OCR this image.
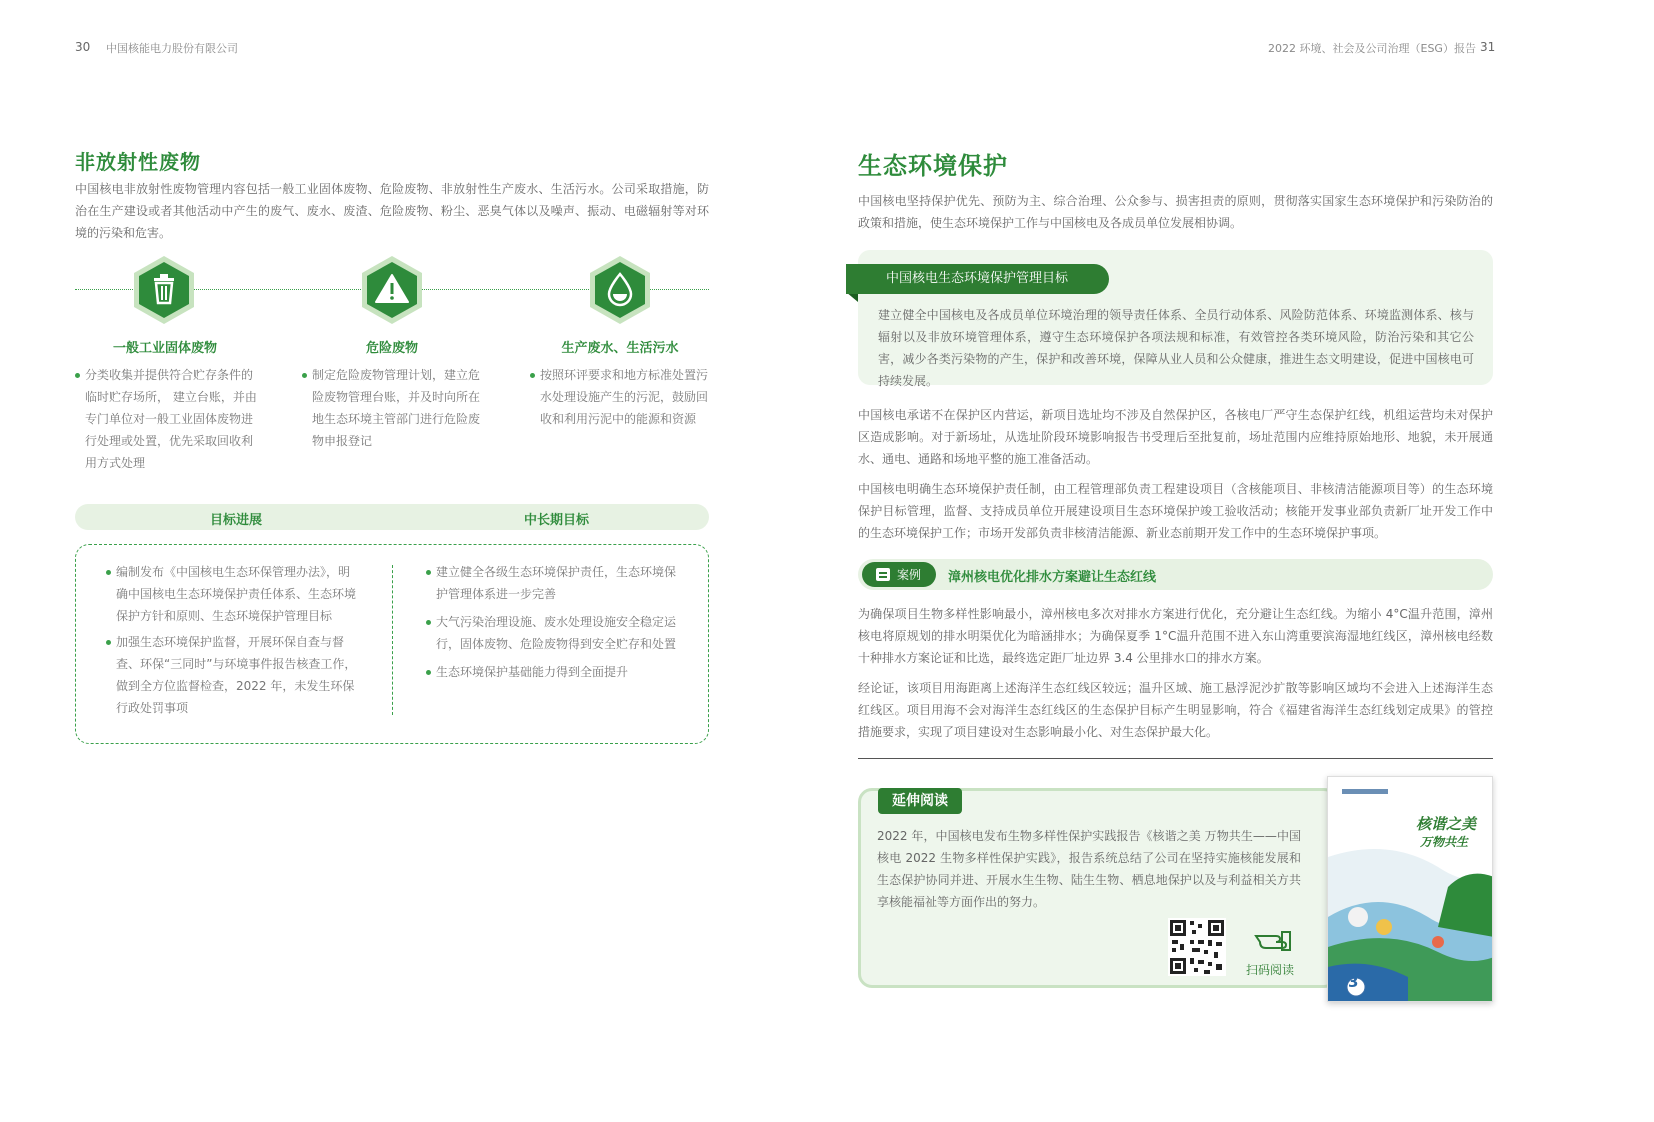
30 中国核能电力股份有限公司	2022 环境、社会及公司治理（ESG）报告 31
非放射性废物
中国核电非放射性废物管理内容包括一般工业固体废物、危险废物、非放射性生产废水、生活污水。公司采取措施，防治在生产建设或者其他活动中产生的废气、废水、废渣、危险废物、粉尘、恶臭气体以及噪声、振动、电磁辐射等对环境的污染和危害。
一般工业固体废物	危险废物	生产废水、生活污水
分类收集并提供符合贮存条件的临时贮存场所， 建立台账，并由专门单位对一般工业固体废物进行处理或处置，优先采取回收利用方式处理
制定危险废物管理计划，建立危险废物管理台账，并及时向所在地生态环境主管部门进行危险废物申报登记
按照环评要求和地方标准处置污水处理设施产生的污泥，鼓励回收和利用污泥中的能源和资源
目标进展	中长期目标
编制发布《中国核电生态环保管理办法》，明确中国核电生态环境保护责任体系、生态环境保护方针和原则、生态环境保护管理目标
加强生态环境保护监督，开展环保自查与督查、环保“三同时”与环境事件报告核查工作，做到全方位监督检查，2022 年，未发生环保行政处罚事项
建立健全各级生态环境保护责任，生态环境保护管理体系进一步完善
大气污染治理设施、废水处理设施安全稳定运行，固体废物、危险废物得到安全贮存和处置
生态环境保护基础能力得到全面提升
生态环境保护
中国核电坚持保护优先、预防为主、综合治理、公众参与、损害担责的原则，贯彻落实国家生态环境保护和污染防治的政策和措施，使生态环境保护工作与中国核电及各成员单位发展相协调。
中国核电生态环境保护管理目标
建立健全中国核电及各成员单位环境治理的领导责任体系、全员行动体系、风险防范体系、环境监测体系、核与辐射以及非放环境管理体系，遵守生态环境保护各项法规和标准，有效管控各类环境风险，防治污染和其它公害，减少各类污染物的产生，保护和改善环境，保障从业人员和公众健康，推进生态文明建设，促进中国核电可持续发展。
中国核电承诺不在保护区内营运，新项目选址均不涉及自然保护区，各核电厂严守生态保护红线，机组运营均未对保护区造成影响。对于新场址，从选址阶段环境影响报告书受理后至批复前，场址范围内应维持原始地形、地貌，未开展通水、通电、通路和场地平整的施工准备活动。
中国核电明确生态环境保护责任制，由工程管理部负责工程建设项目（含核能项目、非核清洁能源项目等）的生态环境保护目标管理，监督、支持成员单位开展建设项目生态环境保护竣工验收活动；核能开发事业部负责新厂址开发工作中的生态环境保护工作；市场开发部负责非核清洁能源、新业态前期开发工作中的生态环境保护事项。
案例 漳州核电优化排水方案避让生态红线
为确保项目生物多样性影响最小，漳州核电多次对排水方案进行优化，充分避让生态红线。为缩小 4°C温升范围，漳州核电将原规划的排水明渠优化为暗涵排水；为确保夏季 1°C温升范围不进入东山湾重要滨海湿地红线区，漳州核电经数十种排水方案论证和比选，最终选定距厂址边界 3.4 公里排水口的排水方案。
经论证，该项目用海距离上述海洋生态红线区较远；温升区域、施工悬浮泥沙扩散等影响区域均不会进入上述海洋生态红线区。项目用海不会对海洋生态红线区的生态保护目标产生明显影响，符合《福建省海洋生态红线划定成果》的管控措施要求，实现了项目建设对生态影响最小化、对生态保护最大化。
延伸阅读
2022 年，中国核电发布生物多样性保护实践报告《核谐之美 万物共生——中国核电 2022 生物多样性保护实践》，报告系统总结了公司在坚持实施核能发展和生态保护协同并进、开展水生生物、陆生生物、栖息地保护以及与利益相关方共享核能福祉等方面作出的努力。
扫码阅读
核谐之美
万物共生
3
